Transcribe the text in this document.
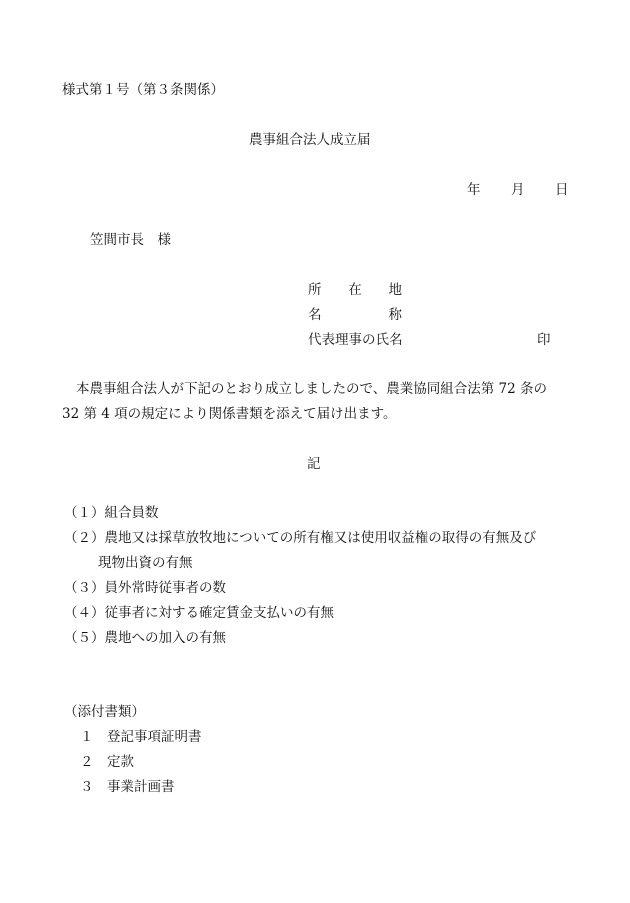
様式第１号（第３条関係）
農事組合法人成立届
年 月 日
笠間市長　様
所 在 地
名	称
代表理事の氏名	印
本農事組合法人が下記のとおり成立しましたので、農業協同組合法第 72 条の
32 第 4 項の規定により関係書類を添えて届け出ます。
記
（１）組合員数
（２）農地又は採草放牧地についての所有権又は使用収益権の取得の有無及び
現物出資の有無
（３）員外常時従事者の数
（４）従事者に対する確定賃金支払いの有無
（５）農地への加入の有無
（添付書類）
１ 登記事項証明書
２ 定款
３ 事業計画書
